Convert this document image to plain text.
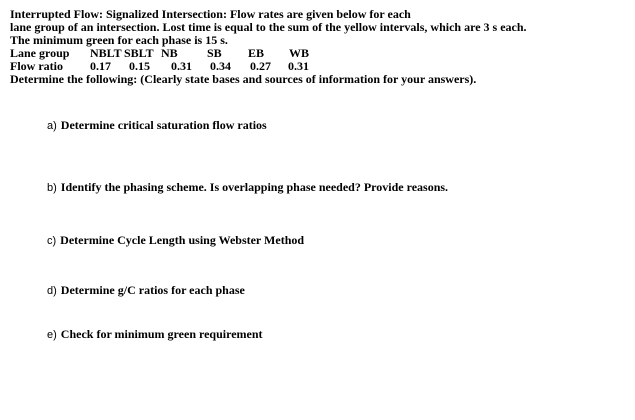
Interrupted Flow: Signalized Intersection: Flow rates are given below for each
lane group of an intersection. Lost time is equal to the sum of the yellow intervals, which are 3 s each.
The minimum green for each phase is 15 s.
Lane group NBLT SBLT NB SB EB WB
Flow ratio 0.17 0.15 0.31 0.34 0.27 0.31
Determine the following: (Clearly state bases and sources of information for your answers).
a) Determine critical saturation flow ratios
b) Identify the phasing scheme. Is overlapping phase needed? Provide reasons.
c) Determine Cycle Length using Webster Method
d) Determine g/C ratios for each phase
e) Check for minimum green requirement
